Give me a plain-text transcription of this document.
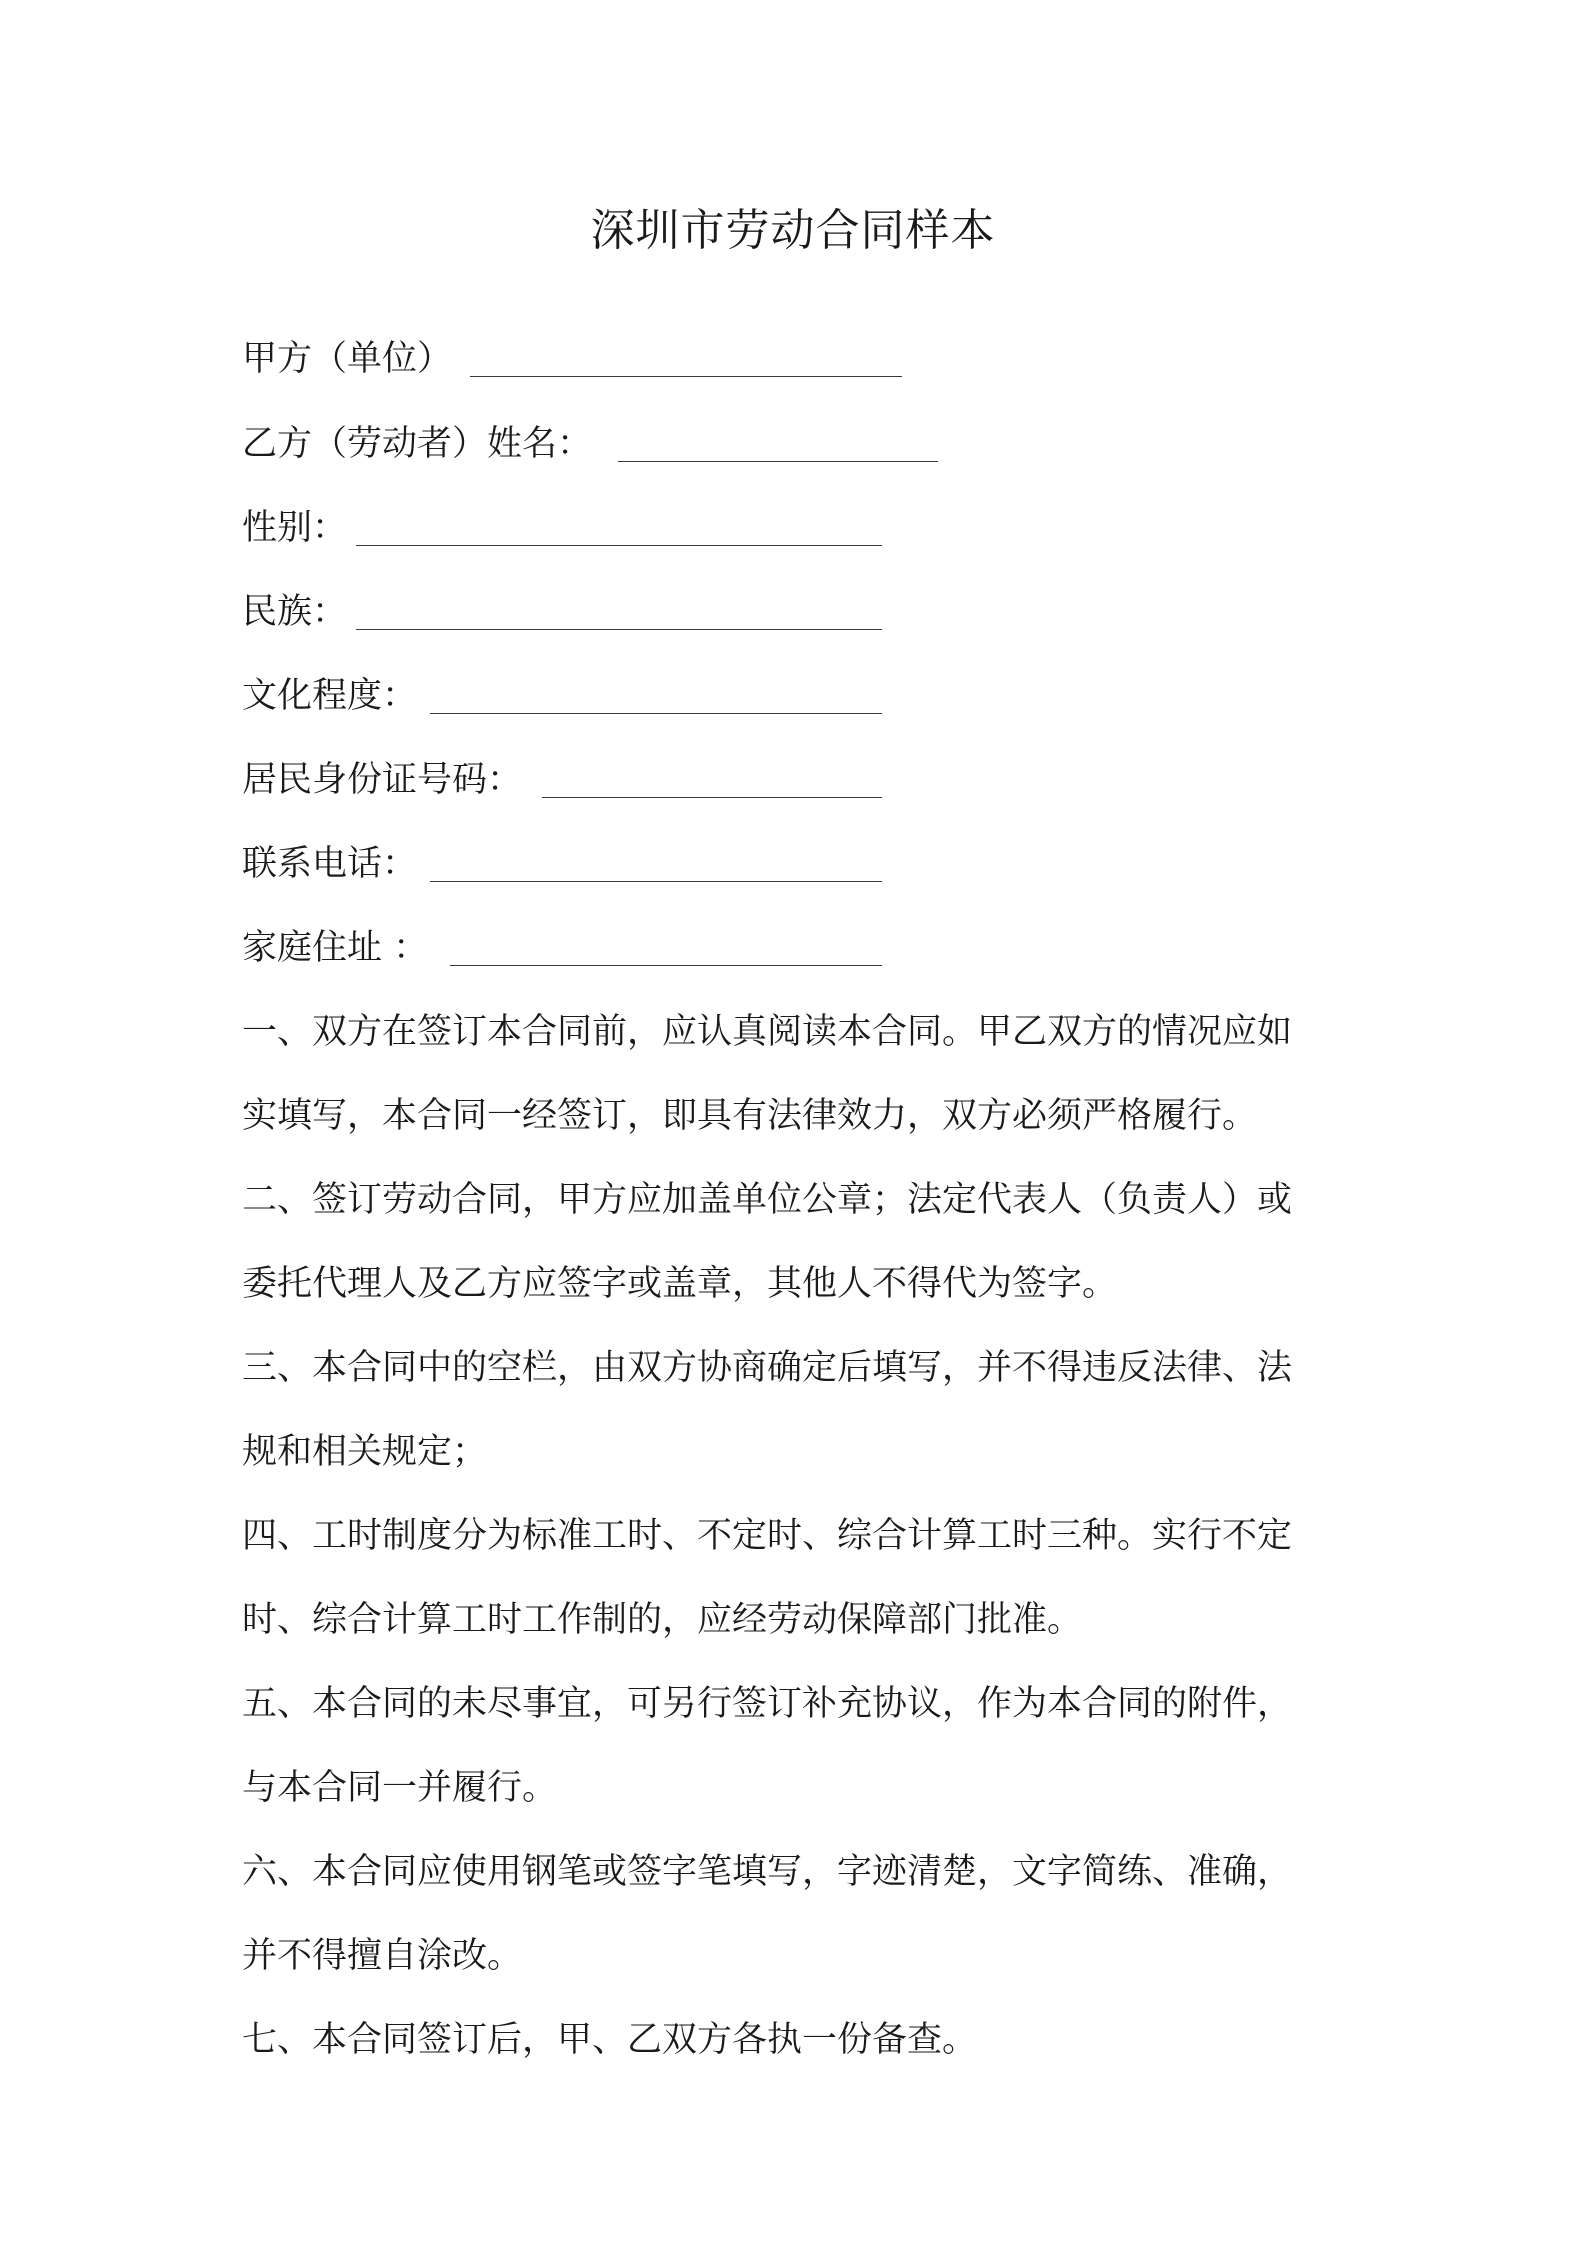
深圳市劳动合同样本
甲方（单位）
乙方（劳动者）姓名：
性别：
民族：
文化程度：
居民身份证号码：
联系电话：
家庭住址 ：

一、双方在签订本合同前，应认真阅读本合同。甲乙双方的情况应如

实填写，本合同一经签订，即具有法律效力，双方必须严格履行。

二、签订劳动合同，甲方应加盖单位公章；法定代表人（负责人）或

委托代理人及乙方应签字或盖章，其他人不得代为签字。

三、本合同中的空栏，由双方协商确定后填写，并不得违反法律、法

规和相关规定；

四、工时制度分为标准工时、不定时、综合计算工时三种。实行不定

时、综合计算工时工作制的，应经劳动保障部门批准。

五、本合同的未尽事宜，可另行签订补充协议，作为本合同的附件，

与本合同一并履行。

六、本合同应使用钢笔或签字笔填写，字迹清楚，文字简练、准确，

并不得擅自涂改。

七、本合同签订后，甲、乙双方各执一份备查。
